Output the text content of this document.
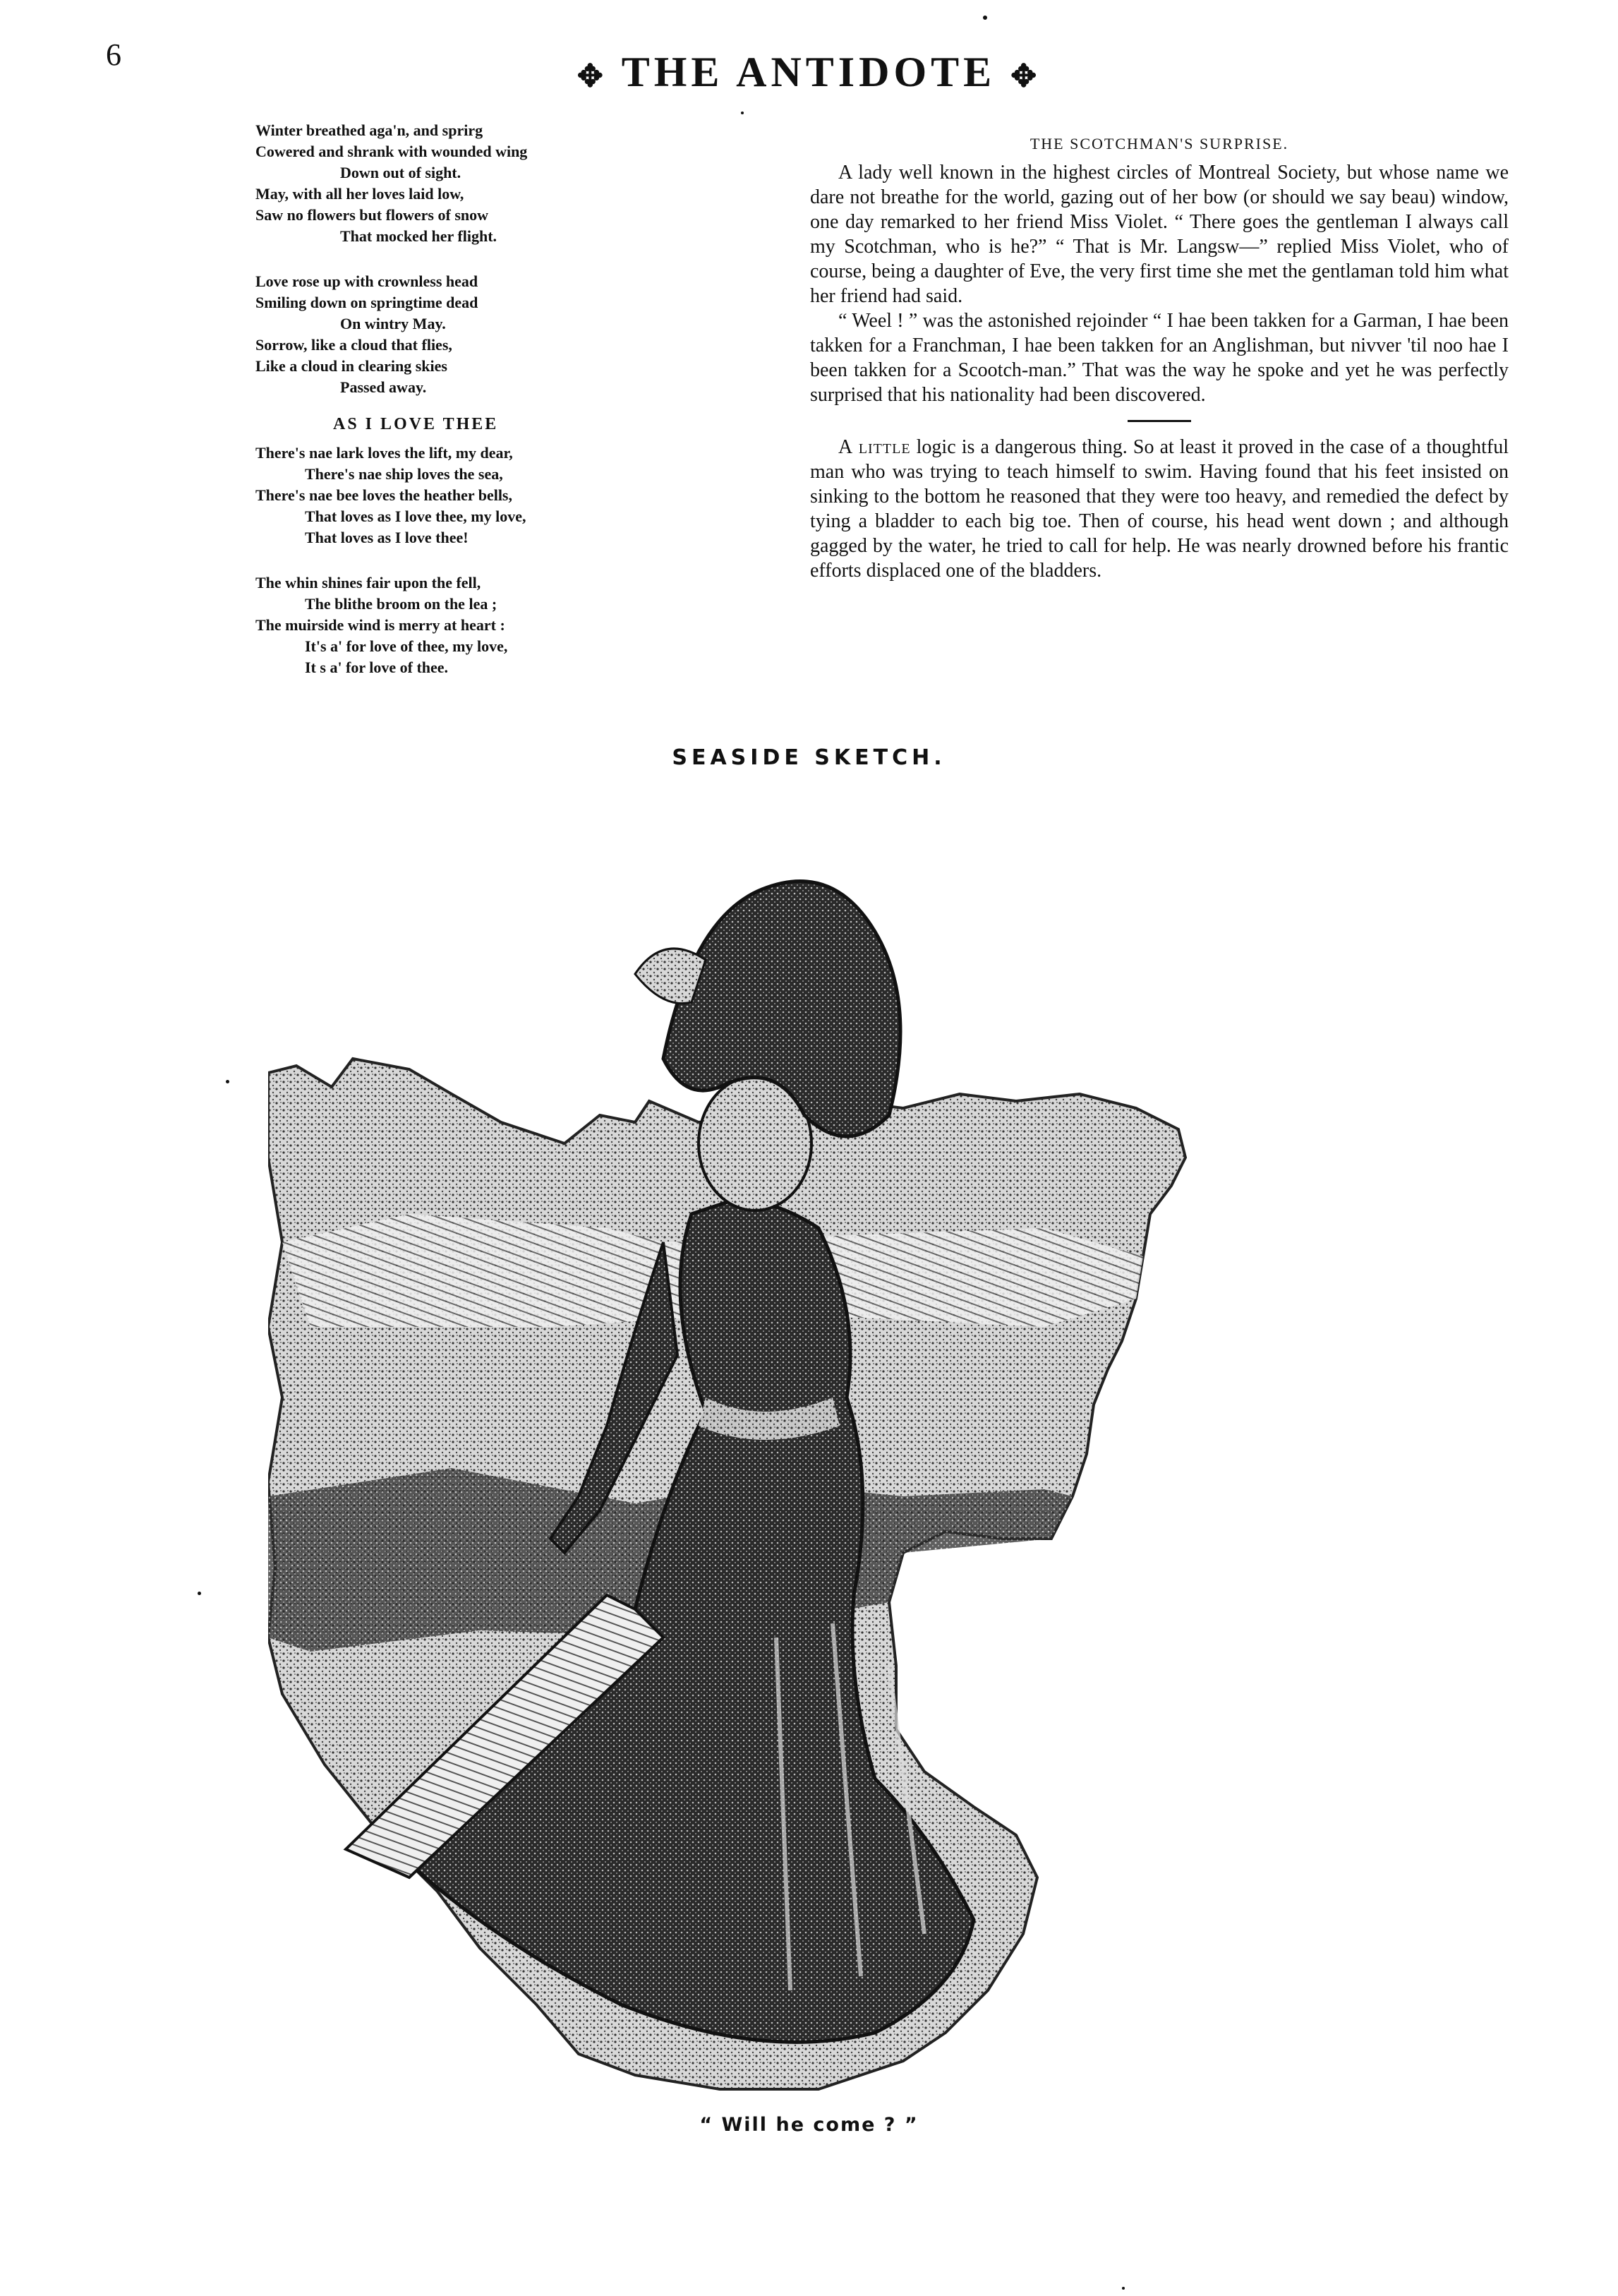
6
✥ THE ANTIDOTE ✥
Winter breathed aga'n, and sprirg
Cowered and shrank with wounded wing
Down out of sight.
May, with all her loves laid low,
Saw no flowers but flowers of snow
That mocked her flight.
Love rose up with crownless head
Smiling down on springtime dead
On wintry May.
Sorrow, like a cloud that flies,
Like a cloud in clearing skies
Passed away.
AS I LOVE THEE
There's nae lark loves the lift, my dear,
There's nae ship loves the sea,
There's nae bee loves the heather bells,
That loves as I love thee, my love,
That loves as I love thee!
The whin shines fair upon the fell,
The blithe broom on the lea ;
The muirside wind is merry at heart :
It's a' for love of thee, my love,
It s a' for love of thee.
THE SCOTCHMAN'S SURPRISE.

A lady well known in the highest circles of Montreal Society, but whose name we dare not breathe for the world, gazing out of her bow (or should we say beau) window, one day remarked to her friend Miss Violet. “ There goes the gentleman I always call my Scotchman, who is he?” “ That is Mr. Langsw—” replied Miss Violet, who of course, being a daughter of Eve, the very first time she met the gentlaman told him what her friend had said.

“ Weel ! ” was the astonished rejoinder “ I hae been takken for a Garman, I hae been takken for a Franchman, I hae been takken for an Anglishman, but nivver 'til noo hae I been takken for a Scootch-man.” That was the way he spoke and yet he was perfectly surprised that his nationality had been discovered.

A little logic is a dangerous thing. So at least it proved in the case of a thoughtful man who was trying to teach himself to swim. Having found that his feet insisted on sinking to the bottom he reasoned that they were too heavy, and remedied the defect by tying a bladder to each big toe. Then of course, his head went down ; and although gagged by the water, he tried to call for help. He was nearly drowned before his frantic efforts displaced one of the bladders.

SEASIDE SKETCH.
“ Will he come ? ”
